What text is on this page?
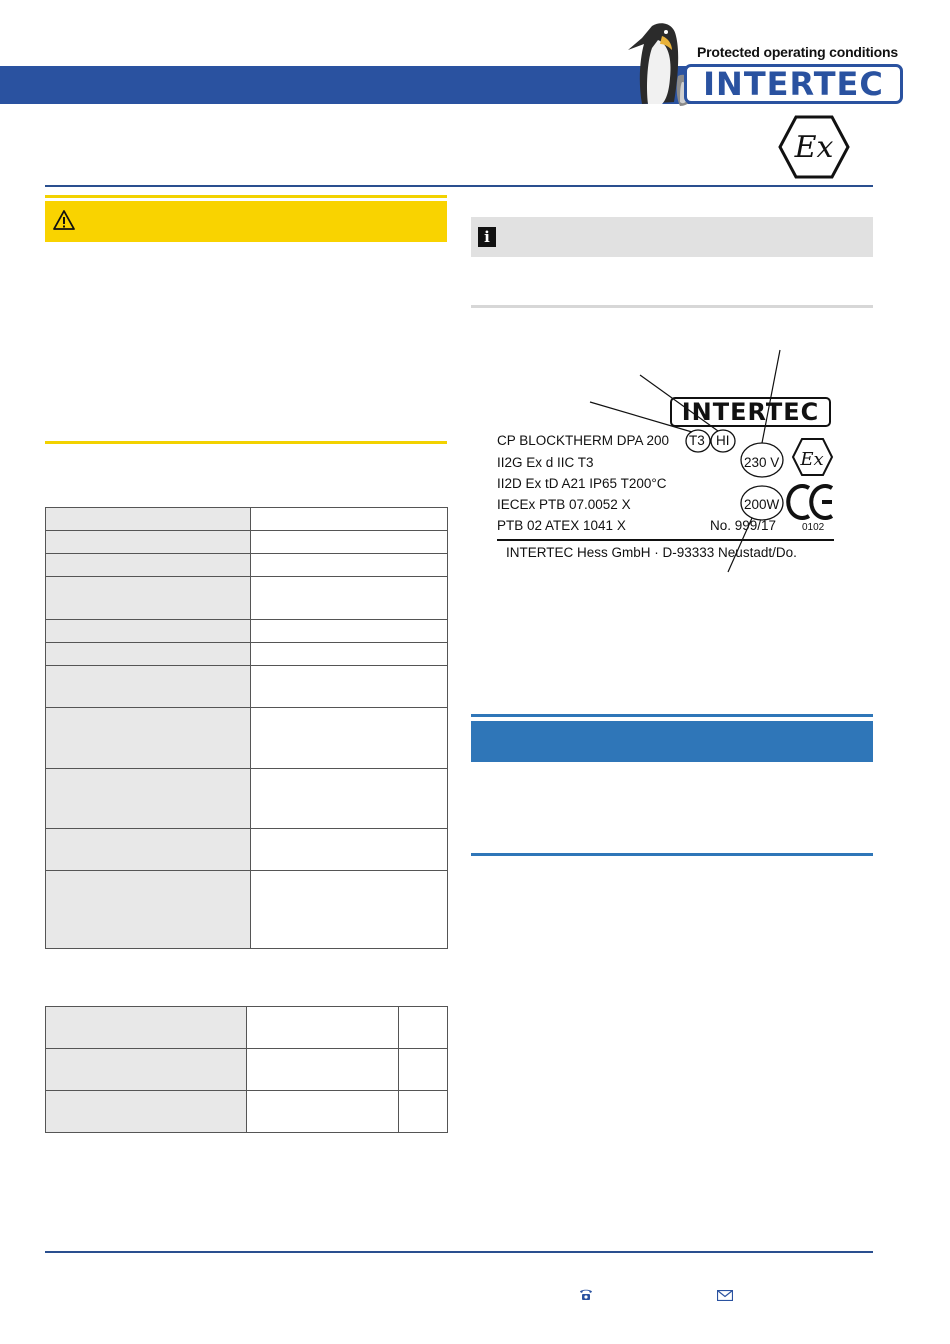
Protected operating conditions
INTERTEC
Ex

i
INTERTEC
CP BLOCKTHERM DPA 200 T3 HI
II2G Ex d IIC T3
II2D Ex tD A21 IP65 T200°C
IECEx PTB 07.0052 X
PTB 02 ATEX 1041 X
230 V
200W
No. 999/17	0102
INTERTEC Hess GmbH · D-93333 Neustadt/Do.
Ex
